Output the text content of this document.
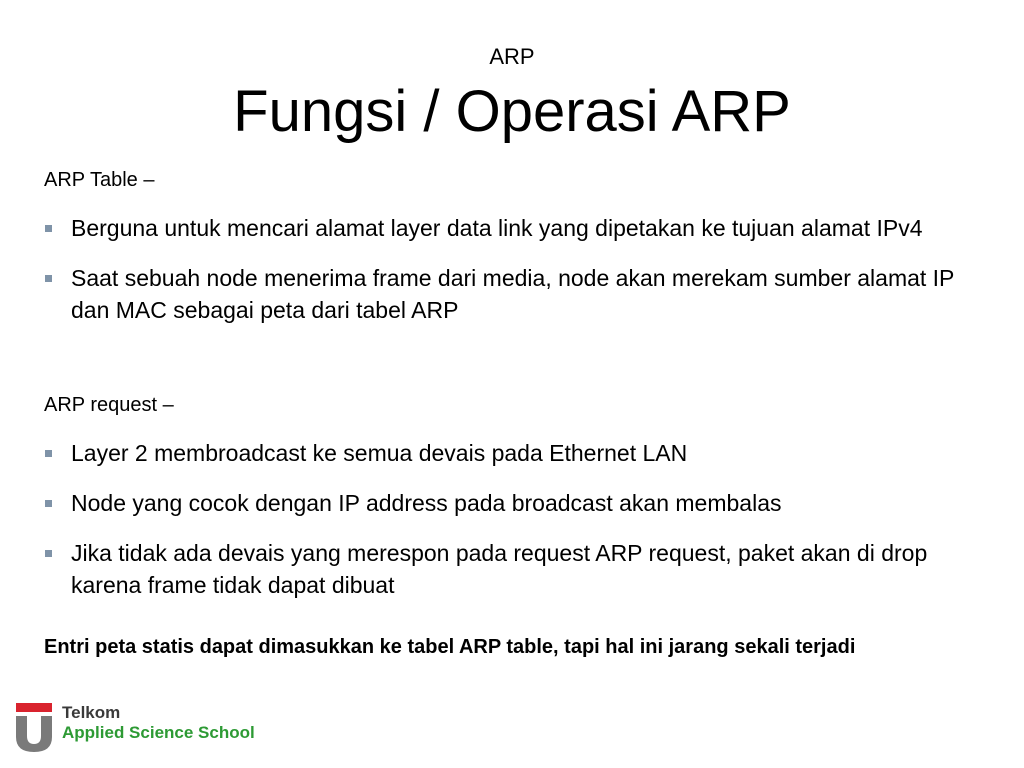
ARP
Fungsi / Operasi ARP
ARP Table –
Berguna untuk mencari alamat layer data link yang dipetakan ke tujuan alamat IPv4
Saat sebuah node menerima frame dari media, node akan merekam sumber alamat IP dan MAC sebagai peta dari tabel ARP
ARP request –
Layer 2 membroadcast ke semua devais pada Ethernet LAN
Node yang cocok dengan IP address pada broadcast akan membalas
Jika tidak ada devais yang merespon pada request ARP request, paket akan di drop karena frame tidak dapat dibuat
Entri peta statis dapat dimasukkan ke tabel ARP table, tapi hal ini jarang sekali terjadi
Telkom
Applied Science School
